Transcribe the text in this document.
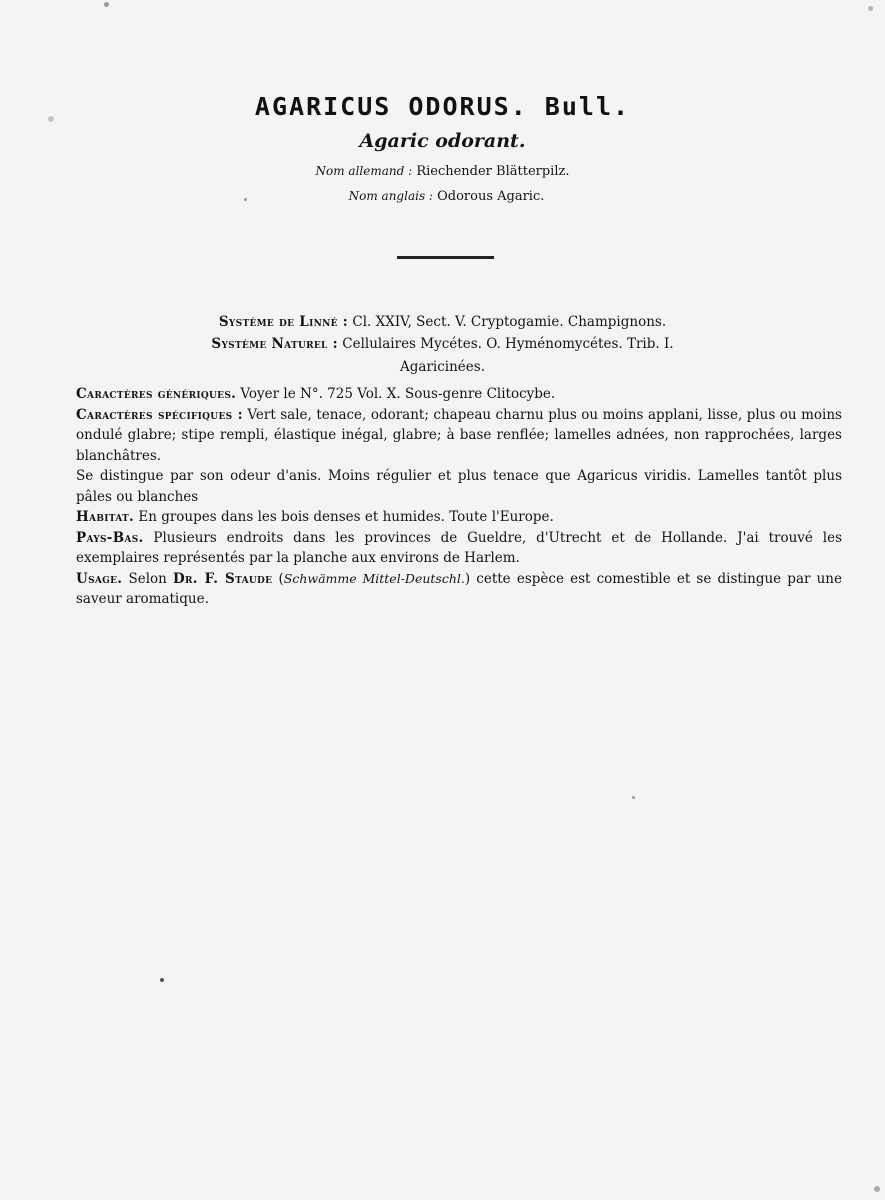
AGARICUS ODORUS. Bull.
Agaric odorant.
Nom allemand : Riechender Blätterpilz.
Nom anglais : Odorous Agaric.
Système de Linné : Cl. XXIV, Sect. V. Cryptogamie. Champignons.
Système Naturel : Cellulaires Mycétes. O. Hyménomycétes. Trib. I.
Agaricinées.

Caractères génériques. Voyer le N°. 725 Vol. X. Sous-genre Clitocybe.

Caractères spécifiques : Vert sale, tenace, odorant; chapeau charnu plus ou moins applani, lisse, plus ou moins ondulé glabre; stipe rempli, élastique inégal, glabre; à base renflée; lamelles adnées, non rapprochées, larges blanchâtres.

Se distingue par son odeur d'anis. Moins régulier et plus tenace que Agaricus viridis. Lamelles tantôt plus pâles ou blanches

Habitat. En groupes dans les bois denses et humides. Toute l'Europe.

Pays-Bas. Plusieurs endroits dans les provinces de Gueldre, d'Utrecht et de Hollande. J'ai trouvé les exemplaires représentés par la planche aux environs de Harlem.

Usage. Selon Dr. F. Staude (Schwämme Mittel-Deutschl.) cette espèce est comestible et se distingue par une saveur aromatique.
